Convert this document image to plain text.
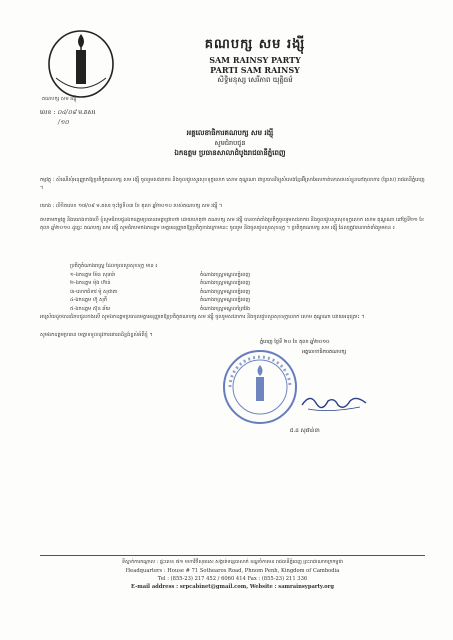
គណបក្ស សម រង្ស៊ី
គណបក្ស សម រង្ស៊ី
SAM RAINSY PARTY
PARTI SAM RAINSY
សិទ្ធិមនុស្ស សេរីភាព យុត្តិធម៌
លេខ : ០៤/០៨ ម.គសរ
/១០
អគ្គលេខាធិការគណបក្ស សម រង្ស៊ី
សូមជំរាបជូន
ឯកឧត្តម ប្រធានសាលាដំបូងរាជធានីភ្នំពេញ
កម្មវត្ថុ : សំណើសុំអនុញ្ញាតឱ្យប្រតិភូគណបក្ស សម រង្ស៊ី ចូលរួមសវនាការ និងចូលជួបសួរសុខទុក្ខលោក សោម គុណ្ឌណា ជាប្រធានវិទ្យុសំលេងខ្មែរអ៊ីស្រាអែលកាត់ទោសរបស់ខ្លួននៅតុលាការ (ព្រៃស) រាជធានីភ្នំពេញ ។
យោង : លិខិតលេខ ១៧/០៩ ម.គសរ ចុះថ្ងៃទី០៣ ខែ តុលា ឆ្នាំ២០១០ របស់គណបក្ស សម រង្ស៊ី ។
តបតាមកម្មវត្ថុ និងយោងខាងលើ ខ្ញុំសូមជំរាបជូនឯកឧត្តមប្រធានមេត្តាជ្រាបថា ដោយហេតុថា គណបក្ស សម រង្ស៊ី បានចាត់តាំងប្រតិភូចូលរួមសវនាការ និងចូលជួបសួរសុខទុក្ខលោក សោម គុណ្ឌណា នៅថ្ងៃទី២១ ខែ តុលា ឆ្នាំ២០១០ ដូច្នេះ គណបក្ស សម រង្ស៊ី សូមជំរាបមកឯកឧត្តម មេត្តាអនុញ្ញាតឱ្យប្រតិភូខាងក្រោមនេះ ចូលរួម និងចូលជួបសួរសុខទុក្ខ ។ ប្រតិភូគណបក្ស សម រង្ស៊ី ដែលត្រូវបានចាត់តាំងរួមមាន ៖
ប្រតិភូតំណាងរាស្ត្រ ដែលចូលសួរសុខទុក្ខ មាន ៖
១-ឯកឧត្តម ម៉ែន សុធារ៉ា	តំណាងរាស្ត្រមណ្ឌលភ្នំពេញ
២-ឯកឧត្តម ម៉ុង ហ៊ាន់	តំណាងរាស្ត្រមណ្ឌលភ្នំពេញ
៣-លោកជំទាវ ម៉ូ សុជាតា	តំណាងរាស្ត្រមណ្ឌលភ្នំពេញ
៤-ឯកឧត្តម ហ៊ូ សុភី	តំណាងរាស្ត្រមណ្ឌលភ្នំពេញ
៥-ឯកឧត្តម ស៊ុន ឆ័យ	តំណាងរាស្ត្រមណ្ឌលព្រៃវែង
អាស្រ័យដូចបានជំរាបជូនខាងលើ សូមឯកឧត្តមប្រធានមេត្តាអនុញ្ញាតឱ្យប្រតិភូគណបក្ស សម រង្ស៊ី ចូលរួមសវនាការ និងចូលជួបសួរសុខទុក្ខលោក សោម គុណ្ឌណា ដោយអនុគ្រោះ ។
សូមឯកឧត្តមប្រធាន មេត្តាទទួលនូវការគោរពដ៏ខ្ពង់ខ្ពស់អំពីខ្ញុំ ។
ភ្នំពេញ ថ្ងៃទី ២០ ខែ តុលា ឆ្នាំ២០១០
អគ្គលេខាធិការគណបក្ស
ជ.ដ សុផាន់នា
ទីស្នាក់ការកណ្តាល : ផ្ទះលេខ ៧១ មហាវិថីសុធារស សង្កាត់ទន្លេបាសាក់ ខណ្ឌចំការមន រាជធានីភ្នំពេញ ព្រះរាជាណាចក្រកម្ពុជា
Headquarters : House # 71 Sothearos Road, Phnom Penh, Kingdom of Cambodia
Tel : (855-23) 217 452 / 6060 414 Fax : (855-23) 211 336
E-mail address : srpcabinet@gmail.com, Website : samrainsyparty.org
